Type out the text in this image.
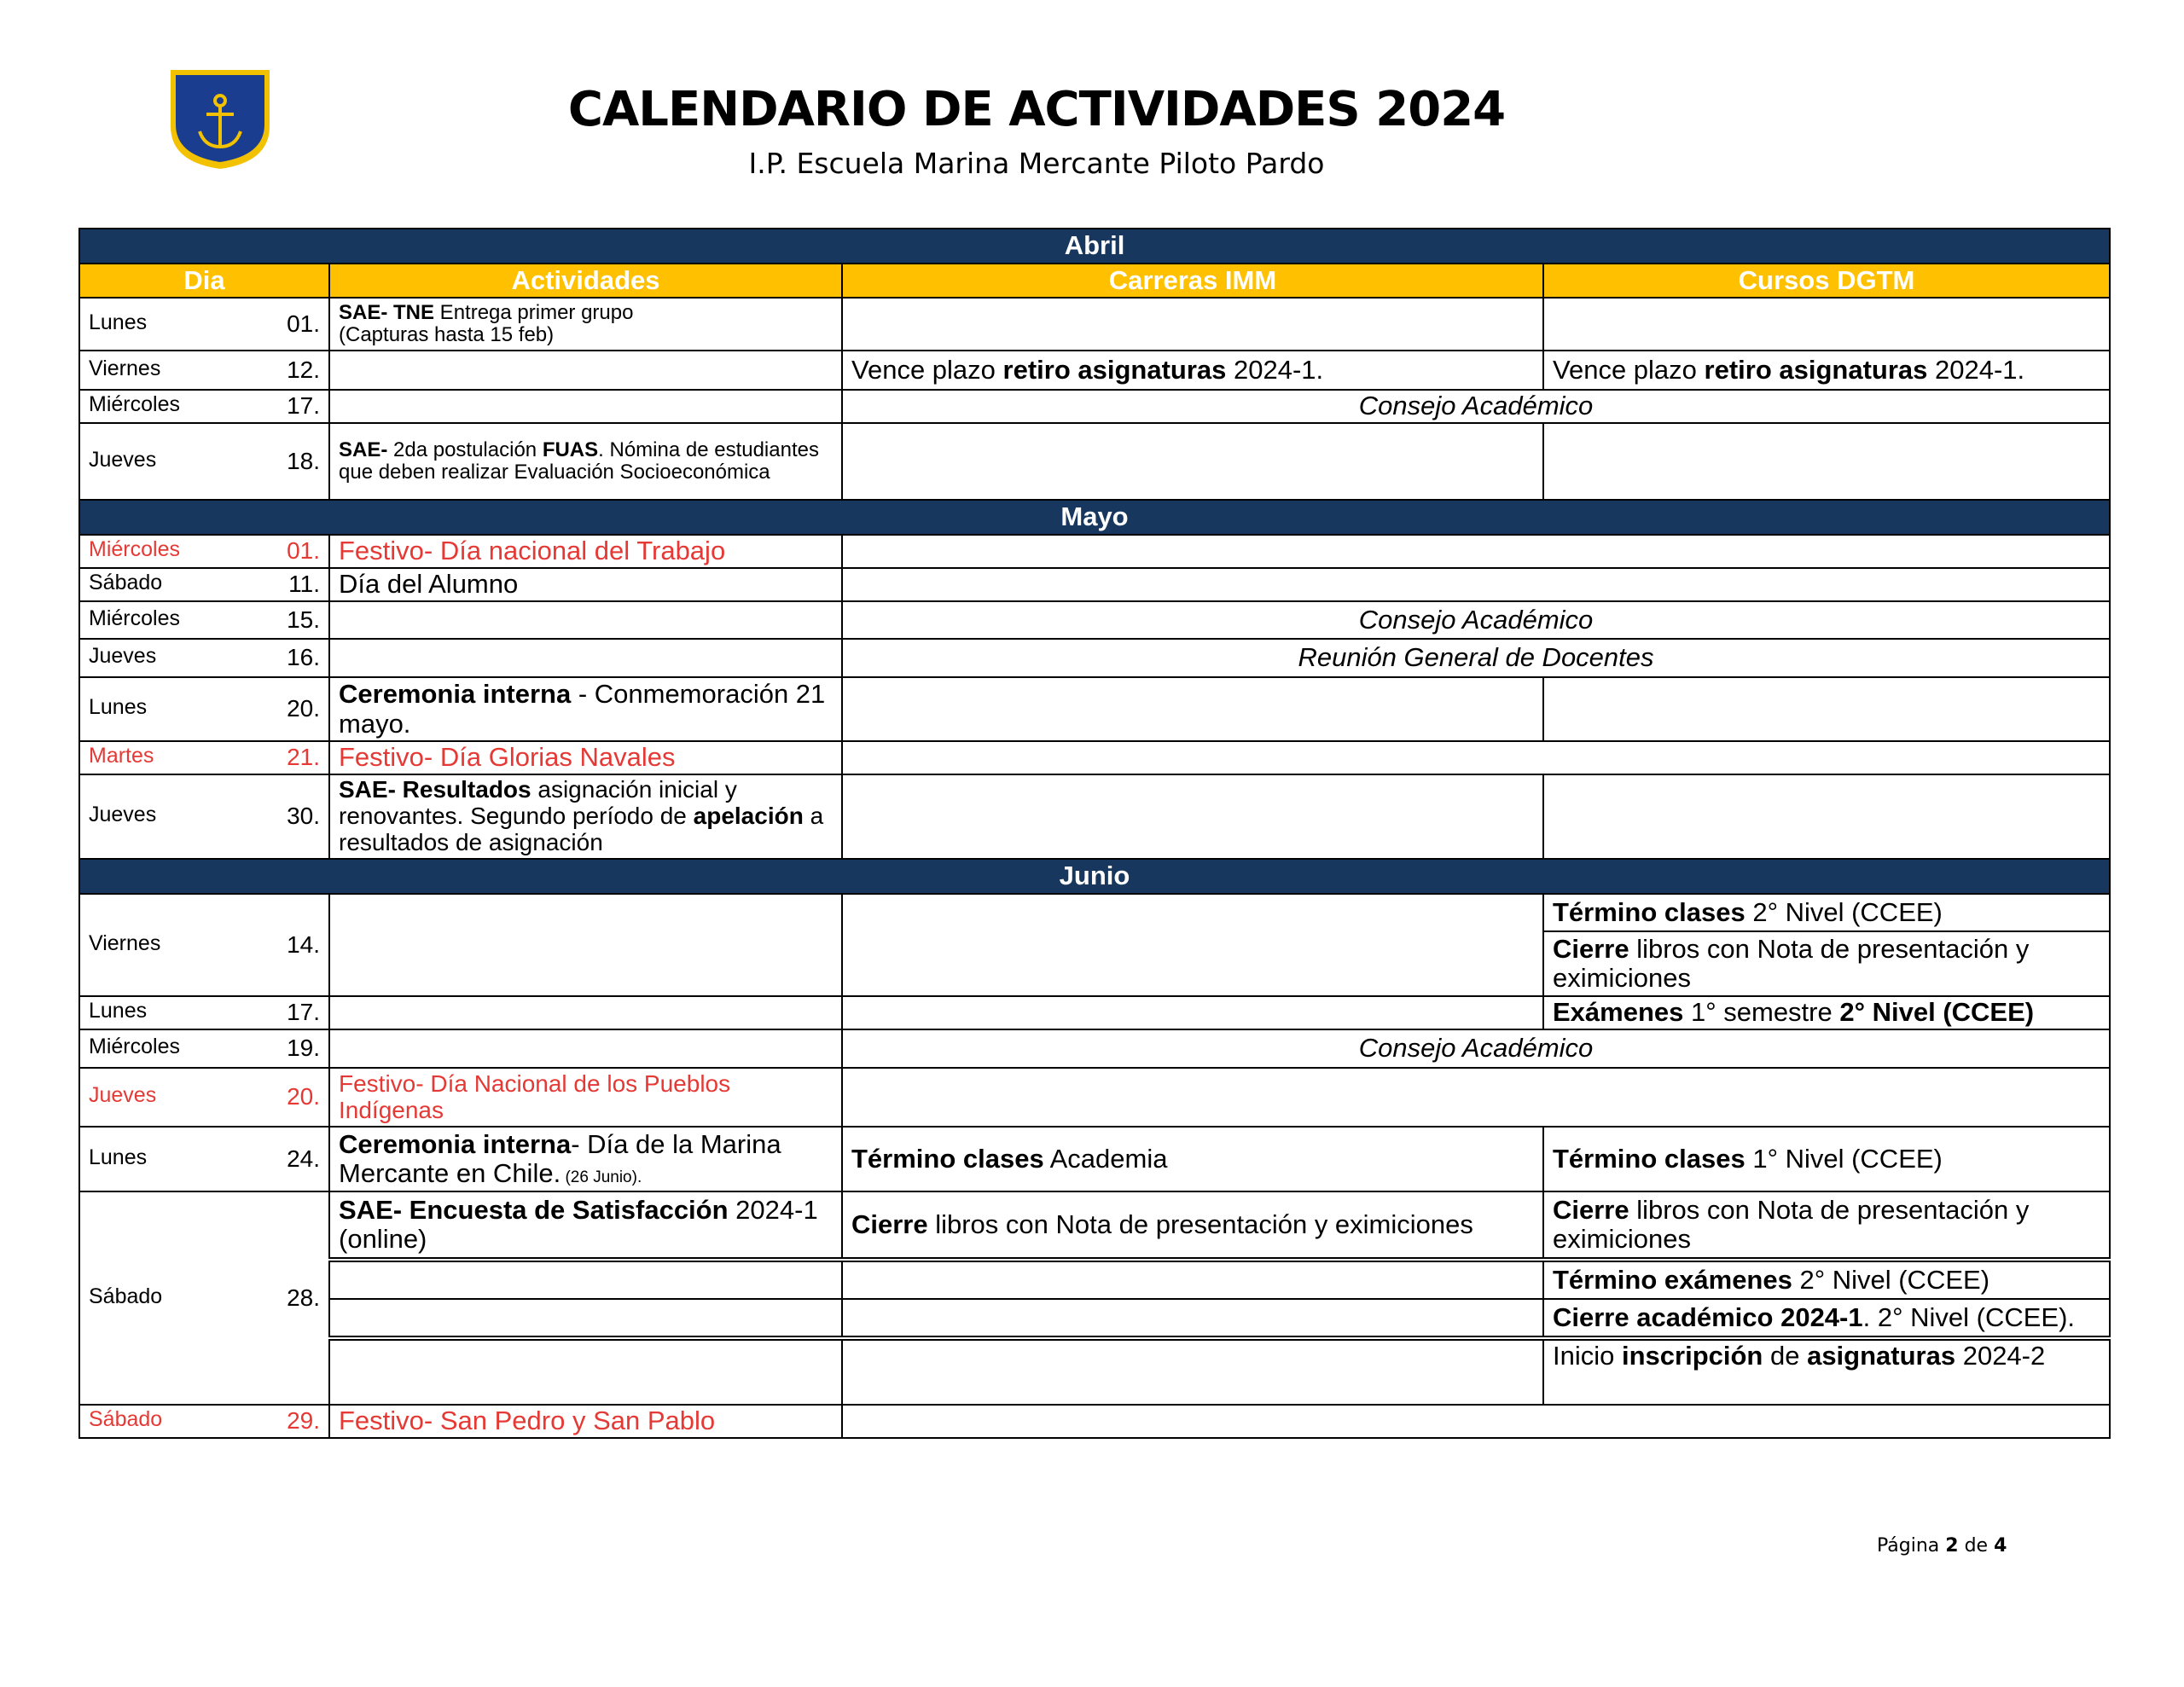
CALENDARIO DE ACTIVIDADES 2024
I.P. Escuela Marina Mercante Piloto Pardo
Abril			
Dia	Actividades	Carreras IMM	Cursos DGTM
Lunes 01.	SAE- TNE Entrega primer grupo
(Capturas hasta 15 feb)		
Viernes 12.		Vence plazo retiro asignaturas 2024-1.	Vence plazo retiro asignaturas 2024-1.
Miércoles 17.		Consejo Académico	
Jueves 18.	SAE- 2da postulación FUAS. Nómina de estudiantes que deben realizar Evaluación Socioeconómica		
Mayo			
Miércoles 01.	Festivo- Día nacional del Trabajo		
Sábado 11.	Día del Alumno		
Miércoles 15.		Consejo Académico	
Jueves 16.		Reunión General de Docentes	
Lunes 20.	Ceremonia interna - Conmemoración 21 mayo.		
Martes 21.	Festivo- Día Glorias Navales		
Jueves 30.	SAE- Resultados asignación inicial y renovantes. Segundo período de apelación a resultados de asignación		
Junio			
Viernes 14.			Término clases 2° Nivel (CCEE)
			Cierre libros con Nota de presentación y eximiciones
Lunes 17.			Exámenes 1° semestre 2° Nivel (CCEE)
Miércoles 19.		Consejo Académico	
Jueves 20.	Festivo- Día Nacional de los Pueblos Indígenas		
Lunes 24.	Ceremonia interna- Día de la Marina Mercante en Chile. (26 Junio).	Término clases Academia	Término clases 1° Nivel (CCEE)
Sábado 28.	SAE- Encuesta de Satisfacción 2024-1 (online)	Cierre libros con Nota de presentación y eximiciones	Cierre libros con Nota de presentación y eximiciones
			Término exámenes 2° Nivel (CCEE)
			Cierre académico 2024-1. 2° Nivel (CCEE).
			Inicio inscripción de asignaturas 2024-2
Sábado 29.	Festivo- San Pedro y San Pablo		
Página 2 de 4
